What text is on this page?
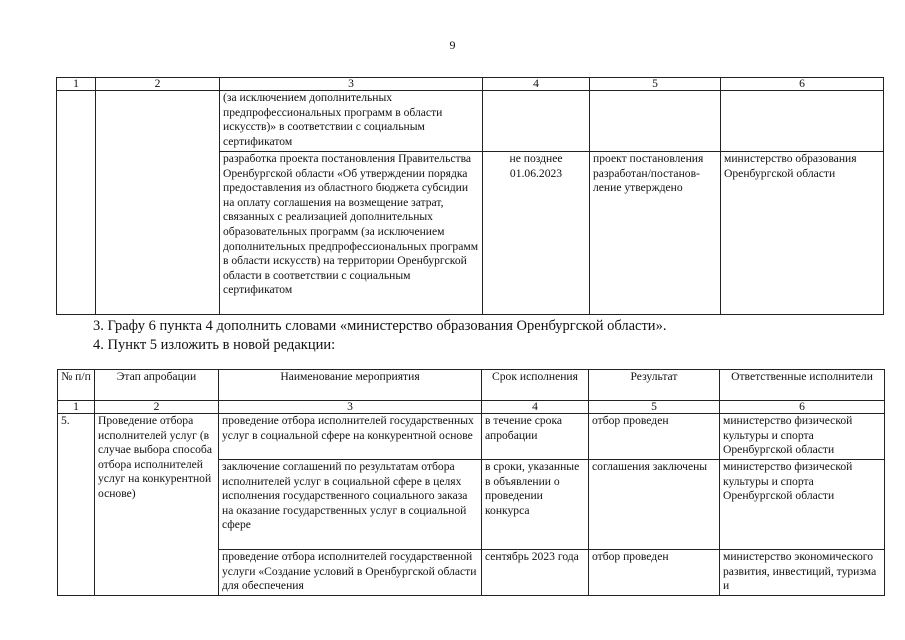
9
1	2	3	4	5	6
		(за исключением дополнительных предпрофессиональных программ в области искусств)» в соответствии с социальным сертификатом			
		разработка проекта постановления Правительства Оренбургской области «Об утверждении порядка предоставления из областного бюджета субсидии на оплату соглашения на возмещение затрат, связанных с реализацией дополнительных образовательных программ (за исключением дополнительных предпрофессиональных программ в области искусств) на территории Оренбургской области в соответствии с социальным сертификатом	не позднее 01.06.2023	проект постановления разработан/постанов-ление утверждено	министерство образования Оренбургской области
3. Графу 6 пункта 4 дополнить словами «министерство образования Оренбургской области».
4. Пункт 5 изложить в новой редакции:
№ п/п	Этап апробации	Наименование мероприятия	Срок исполнения	Результат	Ответственные исполнители
1	2	3	4	5	6
5.	Проведение отбора исполнителей услуг (в случае выбора способа отбора исполнителей услуг на конкурентной основе)	проведение отбора исполнителей государственных услуг в социальной сфере на конкурентной основе	в течение срока апробации	отбор проведен	министерство физической культуры и спорта Оренбургской области
		заключение соглашений по результатам отбора исполнителей услуг в социальной сфере в целях исполнения государственного социального заказа на оказание государственных услуг в социальной сфере	в сроки, указанные в объявлении о проведении конкурса	соглашения заключены	министерство физической культуры и спорта Оренбургской области
		проведение отбора исполнителей государственной услуги «Создание условий в Оренбургской области для обеспечения	сентябрь 2023 года	отбор проведен	министерство экономического развития, инвестиций, туризма и
